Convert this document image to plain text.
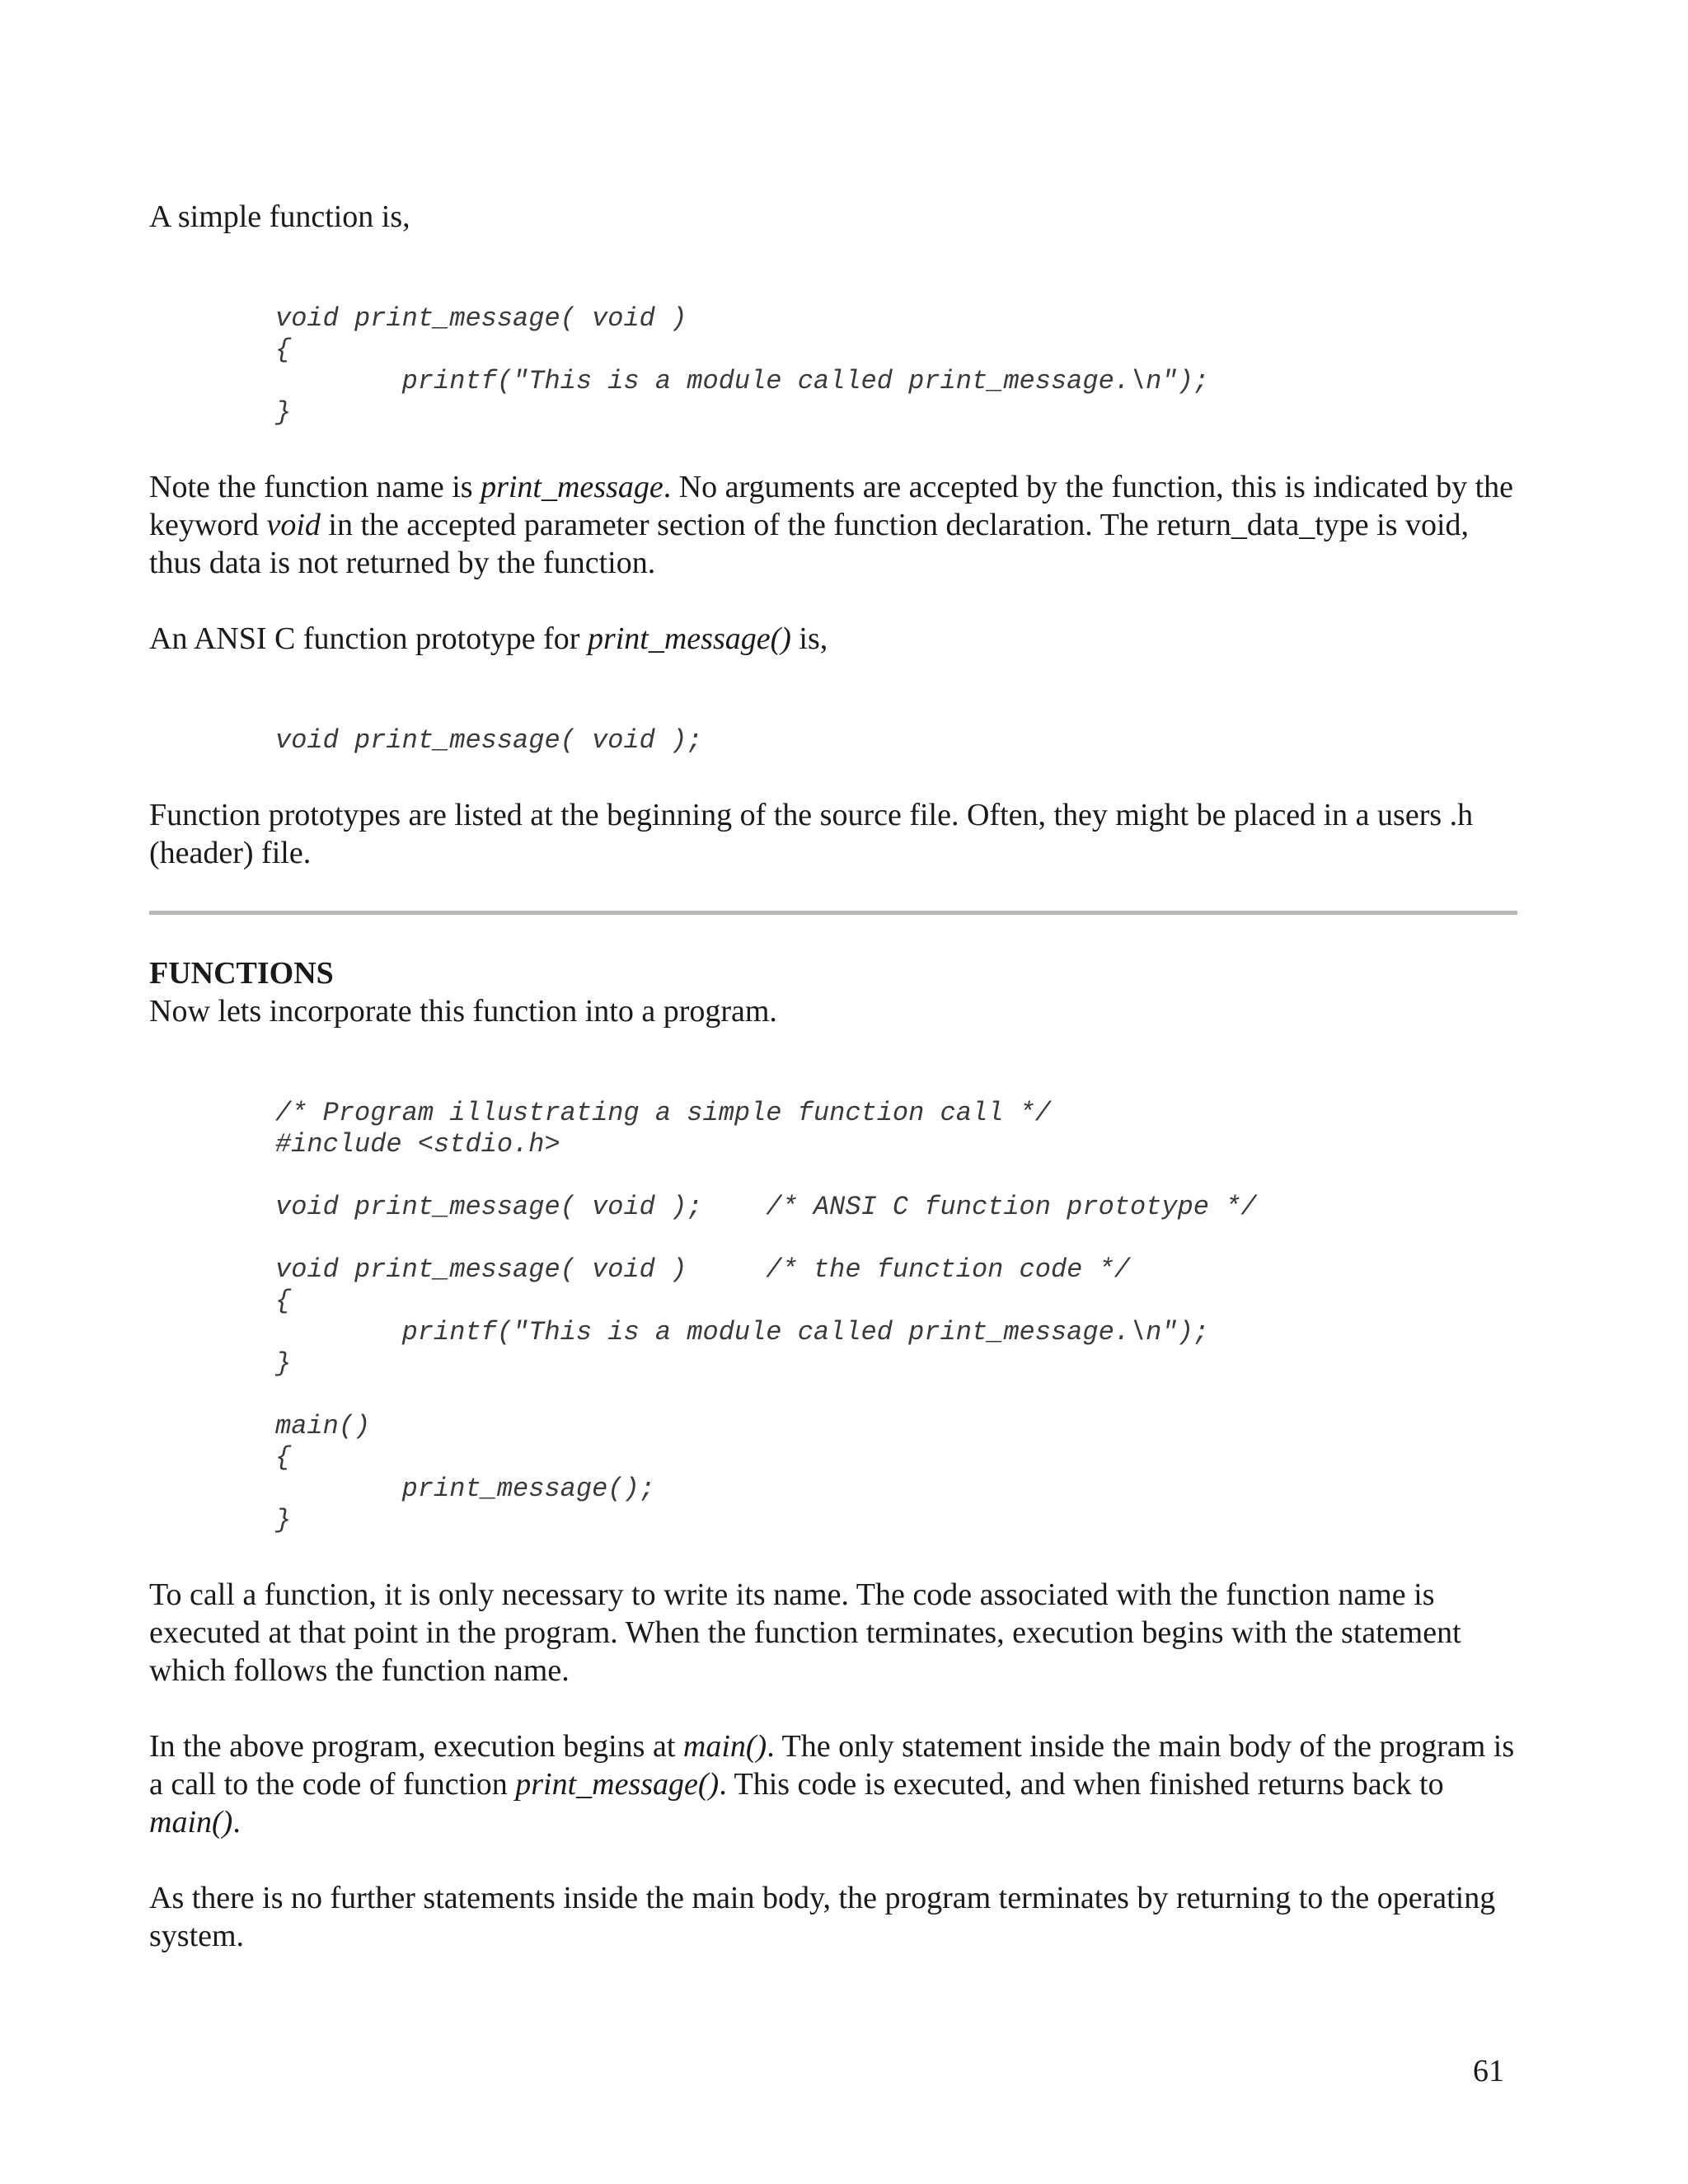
A simple function is,

void print_message( void )
{
printf("This is a module called print_message.\n");
}

Note the function name is print_message. No arguments are accepted by the function, this is indicated by the keyword void in the accepted parameter section of the function declaration. The return_data_type is void, thus data is not returned by the function.

An ANSI C function prototype for print_message() is,

void print_message( void );

Function prototypes are listed at the beginning of the source file. Often, they might be placed in a users .h (header) file.

FUNCTIONS

Now lets incorporate this function into a program.

/* Program illustrating a simple function call */
#include <stdio.h>

void print_message( void );    /* ANSI C function prototype */

void print_message( void )     /* the function code */
{
printf("This is a module called print_message.\n");
}

main()
{
print_message();
}

To call a function, it is only necessary to write its name. The code associated with the function name is executed at that point in the program. When the function terminates, execution begins with the statement which follows the function name.

In the above program, execution begins at main(). The only statement inside the main body of the program is a call to the code of function print_message(). This code is executed, and when finished returns back to main().

As there is no further statements inside the main body, the program terminates by returning to the operating system.

61
